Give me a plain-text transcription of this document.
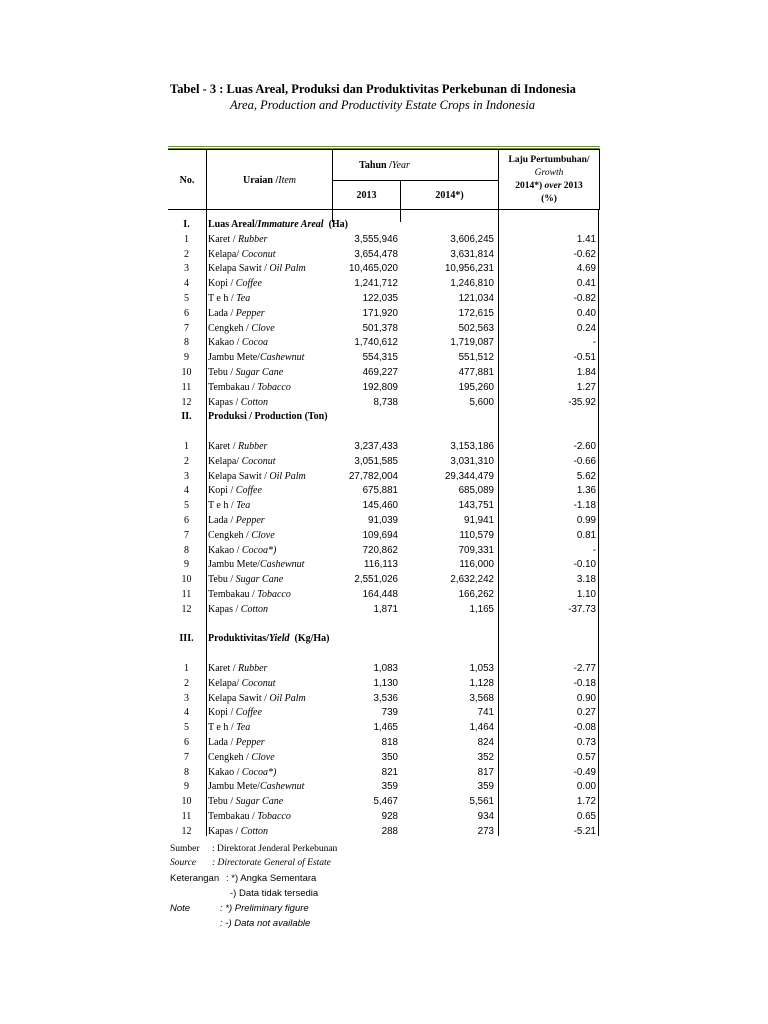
Tabel - 3 : Luas Areal, Produksi dan Produktivitas Perkebunan di Indonesia
Area, Production and Productivity Estate Crops in Indonesia
No.	Uraian / Item
Tahun / Year
2013	2014*)
Laju Pertumbuhan/
Growth
2014*) over 2013
(%)
I.	Luas Areal/Immature Areal  (Ha)
1	Karet / Rubber	3,555,946	3,606,245	1.41
2	Kelapa/ Coconut	3,654,478	3,631,814	-0.62
3	Kelapa Sawit / Oil Palm	10,465,020	10,956,231	4.69
4	Kopi / Coffee	1,241,712	1,246,810	0.41
5	T e h / Tea	122,035	121,034	-0.82
6	Lada / Pepper	171,920	172,615	0.40
7	Cengkeh / Clove	501,378	502,563	0.24
8	Kakao / Cocoa	1,740,612	1,719,087	-
9	Jambu Mete/Cashewnut	554,315	551,512	-0.51
10	Tebu / Sugar Cane	469,227	477,881	1.84
11	Tembakau / Tobacco	192,809	195,260	1.27
12	Kapas / Cotton	8,738	5,600	-35.92
II.	Produksi / Production (Ton)
1	Karet / Rubber	3,237,433	3,153,186	-2.60
2	Kelapa/ Coconut	3,051,585	3,031,310	-0.66
3	Kelapa Sawit / Oil Palm	27,782,004	29,344,479	5.62
4	Kopi / Coffee	675,881	685,089	1.36
5	T e h / Tea	145,460	143,751	-1.18
6	Lada / Pepper	91,039	91,941	0.99
7	Cengkeh / Clove	109,694	110,579	0.81
8	Kakao / Cocoa*)	720,862	709,331	-
9	Jambu Mete/Cashewnut	116,113	116,000	-0.10
10	Tebu / Sugar Cane	2,551,026	2,632,242	3.18
11	Tembakau / Tobacco	164,448	166,262	1.10
12	Kapas / Cotton	1,871	1,165	-37.73
III.	Produktivitas/Yield  (Kg/Ha)
1	Karet / Rubber	1,083	1,053	-2.77
2	Kelapa/ Coconut	1,130	1,128	-0.18
3	Kelapa Sawit / Oil Palm	3,536	3,568	0.90
4	Kopi / Coffee	739	741	0.27
5	T e h / Tea	1,465	1,464	-0.08
6	Lada / Pepper	818	824	0.73
7	Cengkeh / Clove	350	352	0.57
8	Kakao / Cocoa*)	821	817	-0.49
9	Jambu Mete/Cashewnut	359	359	0.00
10	Tebu / Sugar Cane	5,467	5,561	1.72
11	Tembakau / Tobacco	928	934	0.65
12	Kapas / Cotton	288	273	-5.21
Sumber : Direktorat Jenderal Perkebunan
Source : Directorate General of Estate
Keterangan : *) Angka Sementara
-) Data tidak tersedia
Note	: *) Preliminary figure
: -) Data not available
